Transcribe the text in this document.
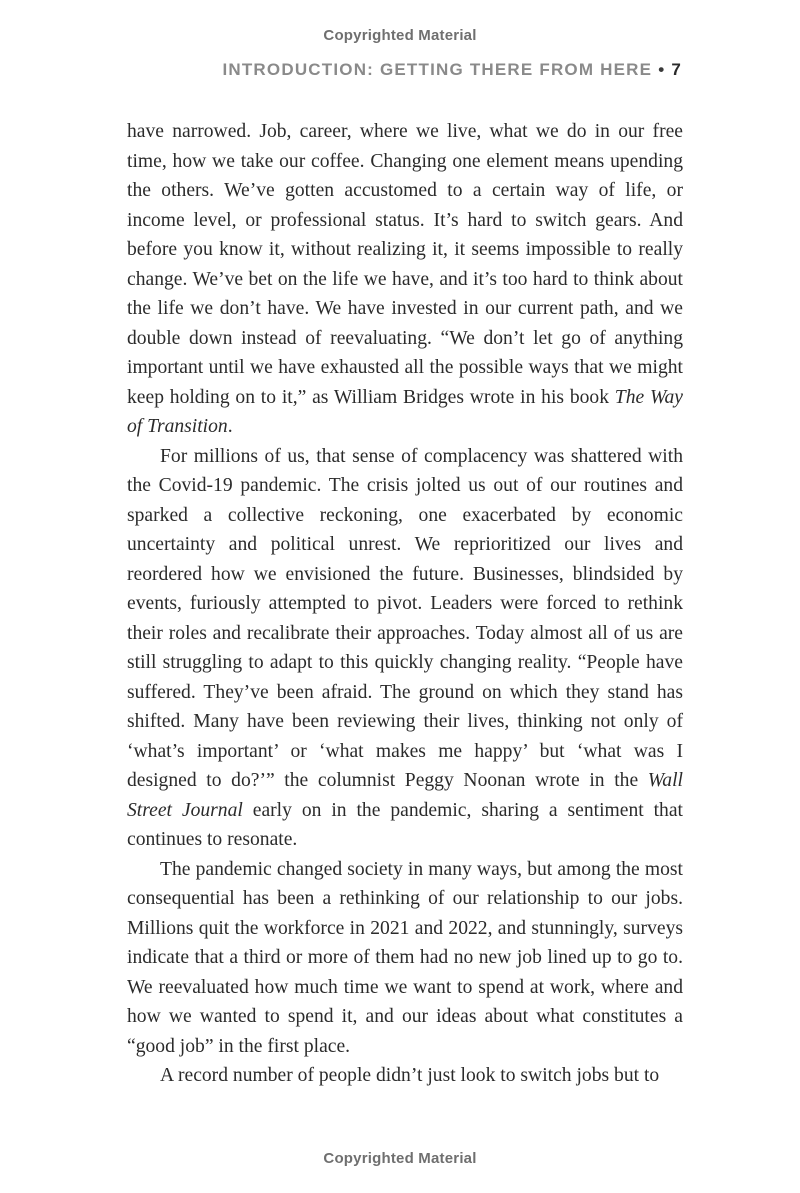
Copyrighted Material
INTRODUCTION: GETTING THERE FROM HERE • 7

have narrowed. Job, career, where we live, what we do in our free time, how we take our coffee. Changing one element means upending the others. We’ve gotten accustomed to a certain way of life, or income level, or professional status. It’s hard to switch gears. And before you know it, without realizing it, it seems impossible to really change. We’ve bet on the life we have, and it’s too hard to think about the life we don’t have. We have invested in our current path, and we double down instead of reevaluating. “We don’t let go of anything important until we have exhausted all the possible ways that we might keep holding on to it,” as William Bridges wrote in his book The Way of Transition.

For millions of us, that sense of complacency was shattered with the Covid-19 pandemic. The crisis jolted us out of our routines and sparked a collective reckoning, one exacerbated by economic uncertainty and political unrest. We reprioritized our lives and reordered how we envisioned the future. Businesses, blindsided by events, furiously attempted to pivot. Leaders were forced to rethink their roles and recalibrate their approaches. Today almost all of us are still struggling to adapt to this quickly changing reality. “People have suffered. They’ve been afraid. The ground on which they stand has shifted. Many have been reviewing their lives, thinking not only of ‘what’s important’ or ‘what makes me happy’ but ‘what was I designed to do?’” the columnist Peggy Noonan wrote in the Wall Street Journal early on in the pandemic, sharing a sentiment that continues to resonate.

The pandemic changed society in many ways, but among the most consequential has been a rethinking of our relationship to our jobs. Millions quit the workforce in 2021 and 2022, and stunningly, surveys indicate that a third or more of them had no new job lined up to go to. We reevaluated how much time we want to spend at work, where and how we wanted to spend it, and our ideas about what constitutes a “good job” in the first place.

A record number of people didn’t just look to switch jobs but to

Copyrighted Material
